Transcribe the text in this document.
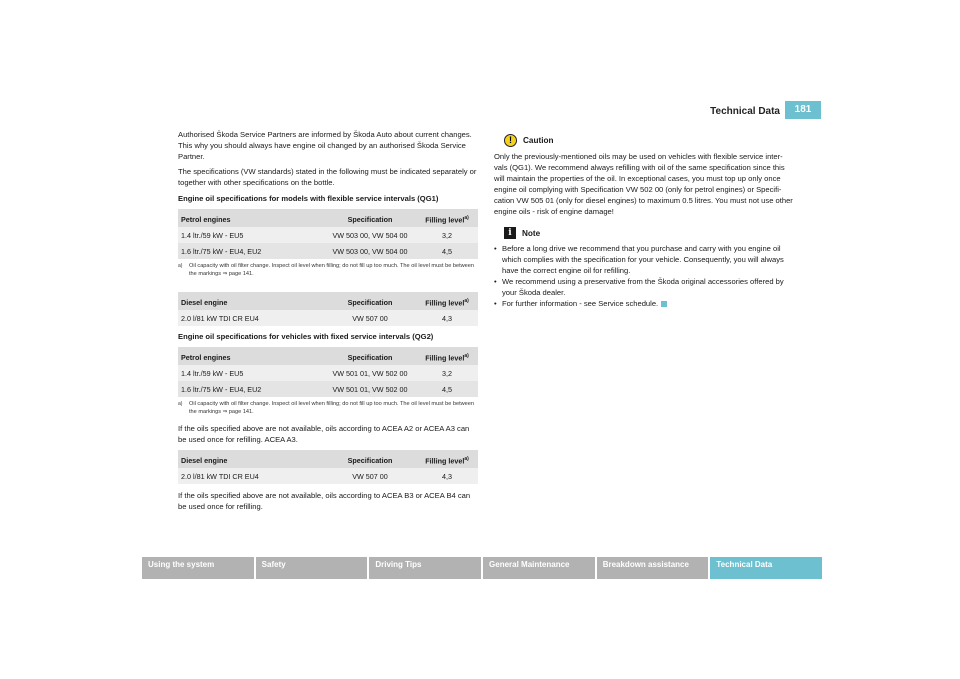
Technical Data	181

Authorised Škoda Service Partners are informed by Škoda Auto about current changes. This why you should always have engine oil changed by an authorised Škoda Service Partner.

The specifications (VW standards) stated in the following must be indicated separately or together with other specifications on the bottle.

Engine oil specifications for models with flexible service intervals (QG1)

Petrol engines	Specification	Filling level$^{a)}$
1.4 ltr./59 kW - EU5	VW 503 00, VW 504 00	3,2
1.6 ltr./75 kW - EU4, EU2	VW 503 00, VW 504 00	4,5
a)	Oil capacity with oil filter change. Inspect oil level when filling; do not fill up too much. The oil level must be between the markings ⇒ page 141.
Diesel engine	Specification	Filling level$^{a)}$
2.0 l/81 kW TDI CR EU4	VW 507 00	4,3

Engine oil specifications for vehicles with fixed service intervals (QG2)

Petrol engines	Specification	Filling level$^{a)}$
1.4 ltr./59 kW - EU5	VW 501 01, VW 502 00	3,2
1.6 ltr./75 kW - EU4, EU2	VW 501 01, VW 502 00	4,5
a)	Oil capacity with oil filter change. Inspect oil level when filling; do not fill up too much. The oil level must be between the markings ⇒ page 141.

If the oils specified above are not available, oils according to ACEA A2 or ACEA A3 can be used once for refilling. ACEA A3.

Diesel engine	Specification	Filling level$^{a)}$
2.0 l/81 kW TDI CR EU4	VW 507 00	4,3

If the oils specified above are not available, oils according to ACEA B3 or ACEA B4 can be used once for refilling.

!	Caution

Only the previously-mentioned oils may be used on vehicles with flexible service inter-vals (QG1). We recommend always refilling with oil of the same specification since this will maintain the properties of the oil. In exceptional cases, you must top up only once engine oil complying with Specification VW 502 00 (only for petrol engines) or Specifi-cation VW 505 01 (only for diesel engines) to maximum 0.5 litres. You must not use other engine oils - risk of engine damage!

i	Note
• Before a long drive we recommend that you purchase and carry with you engine oil which complies with the specification for your vehicle. Consequently, you will always have the correct engine oil for refilling.
• We recommend using a preservative from the Škoda original accessories offered by your Škoda dealer.
• For further information - see Service schedule.
Using the system	Safety	Driving Tips	General Maintenance	Breakdown assistance	Technical Data
